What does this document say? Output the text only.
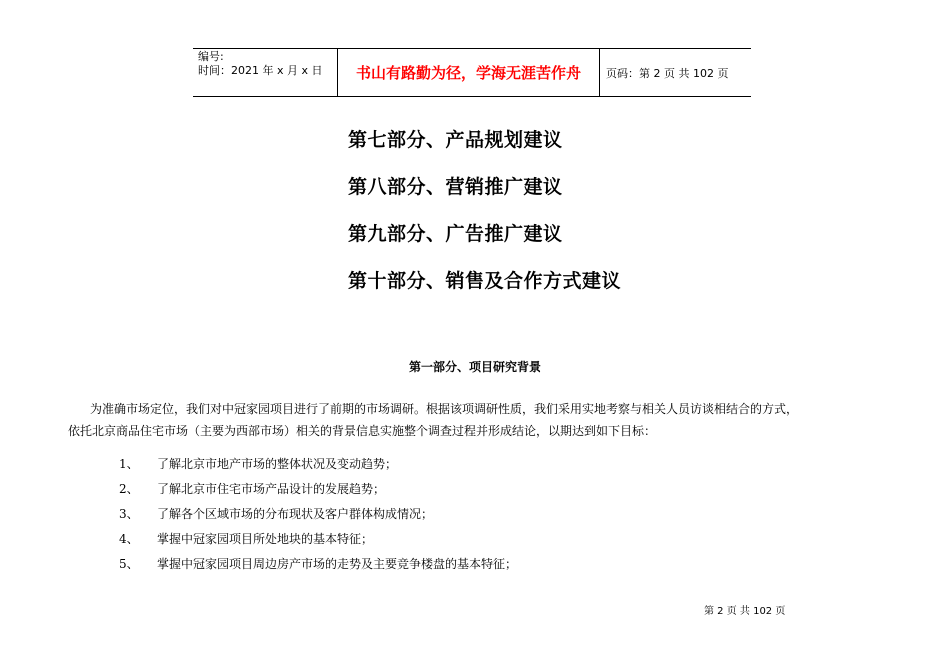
编号:
时间：2021 年 x 月 x 日	书山有路勤为径，学海无涯苦作舟	页码：第 2 页 共 102 页
第七部分、产品规划建议
第八部分、营销推广建议
第九部分、广告推广建议
第十部分、销售及合作方式建议
第一部分、项目研究背景
为准确市场定位，我们对中冠家园项目进行了前期的市场调研。根据该项调研性质，我们采用实地考察与相关人员访谈相结合的方式，
依托北京商品住宅市场（主要为西部市场）相关的背景信息实施整个调查过程并形成结论，以期达到如下目标：
1、 了解北京市地产市场的整体状况及变动趋势；
2、 了解北京市住宅市场产品设计的发展趋势；
3、 了解各个区域市场的分布现状及客户群体构成情况；
4、 掌握中冠家园项目所处地块的基本特征；
5、 掌握中冠家园项目周边房产市场的走势及主要竞争楼盘的基本特征；
第 2 页 共 102 页
